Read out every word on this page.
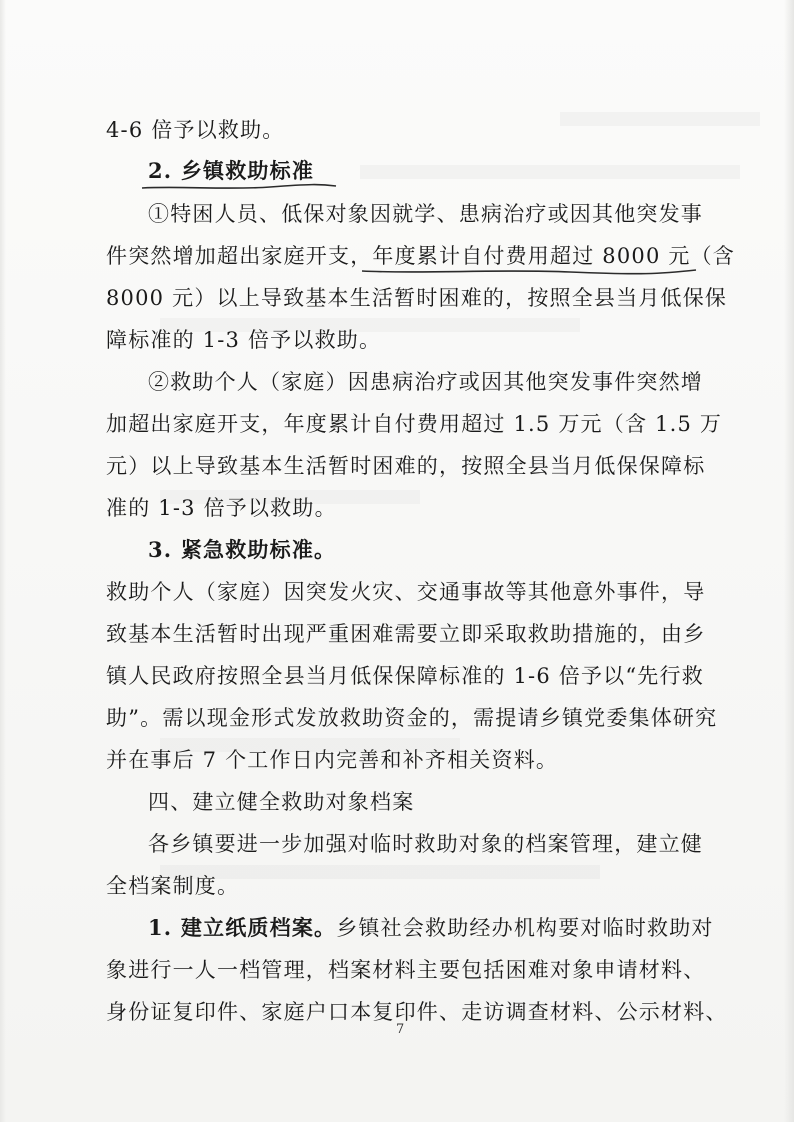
4-6 倍予以救助。
2. 乡镇救助标准
①特困人员、低保对象因就学、患病治疗或因其他突发事
件突然增加超出家庭开支，年度累计自付费用超过 8000 元（含
8000 元）以上导致基本生活暂时困难的，按照全县当月低保保
障标准的 1-3 倍予以救助。
②救助个人（家庭）因患病治疗或因其他突发事件突然增
加超出家庭开支，年度累计自付费用超过 1.5 万元（含 1.5 万
元）以上导致基本生活暂时困难的，按照全县当月低保保障标
准的 1-3 倍予以救助。
3. 紧急救助标准。
救助个人（家庭）因突发火灾、交通事故等其他意外事件，导
致基本生活暂时出现严重困难需要立即采取救助措施的，由乡
镇人民政府按照全县当月低保保障标准的 1-6 倍予以“先行救
助”。需以现金形式发放救助资金的，需提请乡镇党委集体研究
并在事后 7 个工作日内完善和补齐相关资料。
四、建立健全救助对象档案
各乡镇要进一步加强对临时救助对象的档案管理，建立健
全档案制度。
1. 建立纸质档案。乡镇社会救助经办机构要对临时救助对
象进行一人一档管理，档案材料主要包括困难对象申请材料、
身份证复印件、家庭户口本复印件、走访调查材料、公示材料、
7
